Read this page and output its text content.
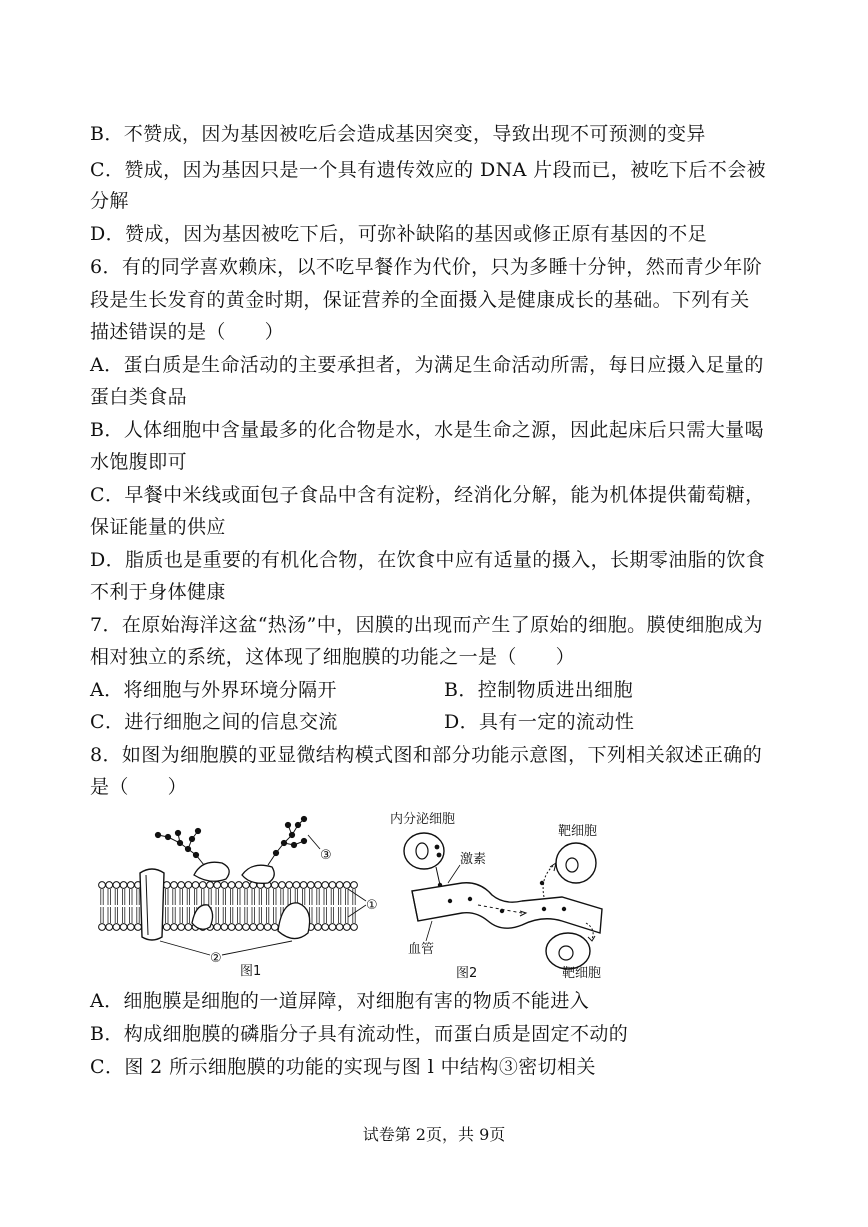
B．不赞成，因为基因被吃后会造成基因突变，导致出现不可预测的变异
C．赞成，因为基因只是一个具有遗传效应的 DNA 片段而已，被吃下后不会被
分解
D．赞成，因为基因被吃下后，可弥补缺陷的基因或修正原有基因的不足
6．有的同学喜欢赖床，以不吃早餐作为代价，只为多睡十分钟，然而青少年阶
段是生长发育的黄金时期，保证营养的全面摄入是健康成长的基础。下列有关
描述错误的是（　　）
A．蛋白质是生命活动的主要承担者，为满足生命活动所需，每日应摄入足量的
蛋白类食品
B．人体细胞中含量最多的化合物是水，水是生命之源，因此起床后只需大量喝
水饱腹即可
C．早餐中米线或面包子食品中含有淀粉，经消化分解，能为机体提供葡萄糖，
保证能量的供应
D．脂质也是重要的有机化合物，在饮食中应有适量的摄入，长期零油脂的饮食
不利于身体健康
7．在原始海洋这盆“热汤”中，因膜的出现而产生了原始的细胞。膜使细胞成为
相对独立的系统，这体现了细胞膜的功能之一是（　　）
A．将细胞与外界环境分隔开	B．控制物质进出细胞
C．进行细胞之间的信息交流	D．具有一定的流动性
8．如图为细胞膜的亚显微结构模式图和部分功能示意图，下列相关叙述正确的
是（　　）
③
①
②
图1
内分泌细胞
激素
血管
靶细胞
靶细胞
图2
A．细胞膜是细胞的一道屏障，对细胞有害的物质不能进入
B．构成细胞膜的磷脂分子具有流动性，而蛋白质是固定不动的
C．图 2 所示细胞膜的功能的实现与图 l 中结构③密切相关
试卷第 2页，共 9页
